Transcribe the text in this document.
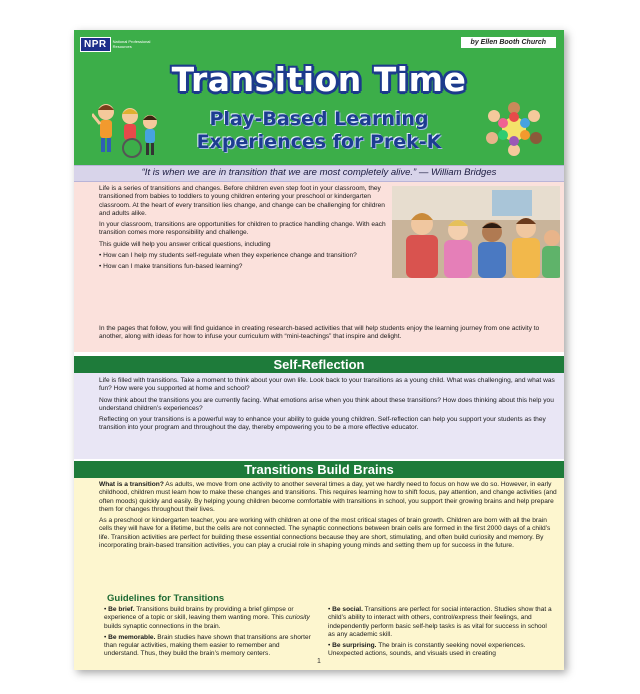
NPR	National Professional Resources	by Ellen Booth Church
Transition Time
Play-Based Learning
Experiences for Prek-K
“It is when we are in transition that we are most completely alive.” — William Bridges

Life is a series of transitions and changes. Before children even step foot in your classroom, they transitioned from babies to toddlers to young children entering your preschool or kindergarten classroom. At the heart of every transition lies change, and change can be challenging for children and adults alike.

In your classroom, transitions are opportunities for children to practice handling change. With each transition comes more responsibility and challenge.

This guide will help you answer critical questions, including

• How can I help my students self-regulate when they experience change and transition?

• How can I make transitions fun-based learning?

In the pages that follow, you will find guidance in creating research-based activities that will help students enjoy the learning journey from one activity to another, along with ideas for how to infuse your curriculum with “mini-teachings” that inspire and delight.

Self-Reflection

Life is filled with transitions. Take a moment to think about your own life. Look back to your transitions as a young child. What was challenging, and what was fun? How were you supported at home and school?

Now think about the transitions you are currently facing. What emotions arise when you think about these transitions? How does thinking about this help you understand children’s experiences?

Reflecting on your transitions is a powerful way to enhance your ability to guide young children. Self-reflection can help you support your students as they transition into your program and throughout the day, thereby empowering you to be a more effective educator.

Transitions Build Brains

What is a transition? As adults, we move from one activity to another several times a day, yet we hardly need to focus on how we do so. However, in early childhood, children must learn how to make these changes and transitions. This requires learning how to shift focus, pay attention, and change activities (and often moods) quickly and easily. By helping young children become comfortable with transitions in school, you support their growing brains and help prepare them for changes throughout their lives.

As a preschool or kindergarten teacher, you are working with children at one of the most critical stages of brain growth. Children are born with all the brain cells they will have for a lifetime, but the cells are not connected. The synaptic connections between brain cells are formed in the first 2000 days of a child’s life. Transition activities are perfect for building these essential connections because they are short, stimulating, and often build curiosity and memory. By incorporating brain-based transition activities, you can play a crucial role in shaping young minds and setting them up for success in the future.

Guidelines for Transitions

• Be brief. Transitions build brains by providing a brief glimpse or experience of a topic or skill, leaving them wanting more. This curiosity builds synaptic connections in the brain.

• Be memorable. Brain studies have shown that transitions are shorter than regular activities, making them easier to remember and understand. Thus, they build the brain’s memory centers.

• Be social. Transitions are perfect for social interaction. Studies show that a child’s ability to interact with others, control/express their feelings, and independently perform basic self-help tasks is as vital for success in school as any academic skill.

• Be surprising. The brain is constantly seeking novel experiences. Unexpected actions, sounds, and visuals used in creating

1
